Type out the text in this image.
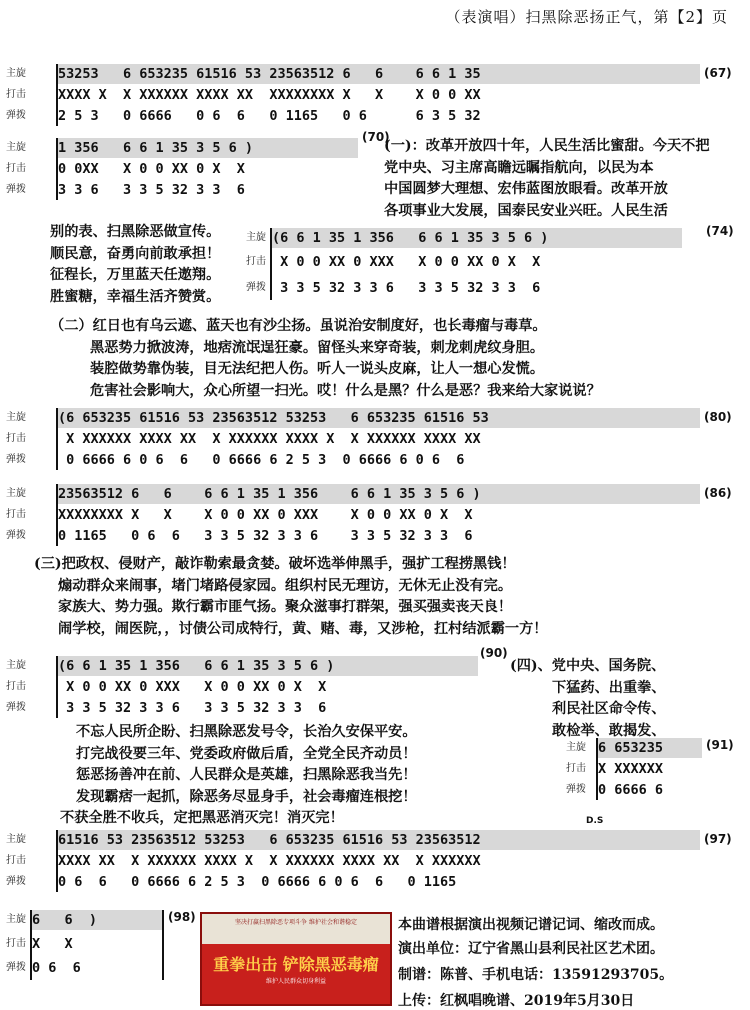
（表演唱）扫黑除恶扬正气，第【2】页
主旋
打击
弹拨
53253   6 653235 61516 53 23563512 6   6    6 6 1 35
XXXX X  X XXXXXX XXXX XX  XXXXXXXX X   X    X 0 0 XX
2 5 3   0 6666   0 6  6   0 1165   0 6      6 3 5 32
(67)
主旋
打击
弹拨
1 356   6 6 1 35 3 5 6 )
0 0XX   X 0 0 XX 0 X  X
3 3 6   3 3 5 32 3 3  6
(70)
(一)：改革开放四十年，人民生活比蜜甜。今天不把
党中央、习主席高瞻远瞩指航向，以民为本
中国圆梦大理想、宏伟蓝图放眼看。改革开放
各项事业大发展，国泰民安业兴旺。人民生活
别的表、扫黑除恶做宣传。
顺民意，奋勇向前敢承担！
征程长，万里蓝天任遨翔。
胜蜜糖，幸福生活齐赞赏。
主旋
打击
弹拨
(6 6 1 35 1 356   6 6 1 35 3 5 6 )
X 0 0 XX 0 XXX   X 0 0 XX 0 X  X
3 3 5 32 3 3 6   3 3 5 32 3 3  6
(74)
（二）红日也有乌云遮、蓝天也有沙尘扬。虽说治安制度好，也长毒瘤与毒草。
黑恶势力掀波涛，地痞流氓逞狂豪。留怪头来穿奇装，刺龙刺虎纹身胆。
装腔做势靠伪装，目无法纪把人伤。听人一说头皮麻，让人一想心发慌。
危害社会影响大，众心所望一扫光。哎！什么是黑？什么是恶？我来给大家说说？
主旋
打击
弹拨
(6 653235 61516 53 23563512 53253   6 653235 61516 53
X XXXXXX XXXX XX  X XXXXXX XXXX X  X XXXXXX XXXX XX
0 6666 6 0 6  6   0 6666 6 2 5 3  0 6666 6 0 6  6
(80)
主旋
打击
弹拨
23563512 6   6    6 6 1 35 1 356    6 6 1 35 3 5 6 )
XXXXXXXX X   X    X 0 0 XX 0 XXX    X 0 0 XX 0 X  X
0 1165   0 6  6   3 3 5 32 3 3 6    3 3 5 32 3 3  6
(86)
(三)把政权、侵财产，敲诈勒索最贪婪。破坏选举伸黑手，强扩工程捞黑钱！
煽动群众来闹事，堵门堵路侵家园。组织村民无理访，无休无止没有完。
家族大、势力强。欺行霸市匪气扬。聚众滋事打群架，强买强卖丧天良！
闹学校，闹医院，，讨债公司成特行，黄、赌、毒，又涉枪，扛村结派霸一方！
主旋
打击
弹拨
(6 6 1 35 1 356   6 6 1 35 3 5 6 )
X 0 0 XX 0 XXX   X 0 0 XX 0 X  X
3 3 5 32 3 3 6   3 3 5 32 3 3  6
(90)
(四)、党中央、国务院、
下猛药、出重拳、
利民社区命令传、
敢检举、敢揭发、
主旋
打击
弹拨
6 653235
X XXXXXX
0 6666 6
(91)
不忘人民所企盼、扫黑除恶发号令，长治久安保平安。
打完战役要三年、党委政府做后盾，全党全民齐动员！
惩恶扬善冲在前、人民群众是英雄，扫黑除恶我当先！
发现霸痞一起抓，除恶务尽显身手，社会毒瘤连根挖！
不获全胜不收兵，定把黑恶消灭完！消灭完！	D.S
主旋
打击
弹拨
61516 53 23563512 53253   6 653235 61516 53 23563512
XXXX XX  X XXXXXX XXXX X  X XXXXXX XXXX XX  X XXXXXX
0 6  6   0 6666 6 2 5 3  0 6666 6 0 6  6   0 1165
(97)
主旋
打击
弹拨
6   6  )
X   X
0 6  6
(98)	坚决打赢扫黑除恶专项斗争 维护社会和谐稳定
重拳出击 铲除黑恶毒瘤
维护人民群众切身利益
本曲谱根据演出视频记谱记词、缩改而成。
演出单位：辽宁省黑山县利民社区艺术团。
制谱：陈普、手机电话：13591293705。
上传：红枫唱晚谱、2019年5月30日
